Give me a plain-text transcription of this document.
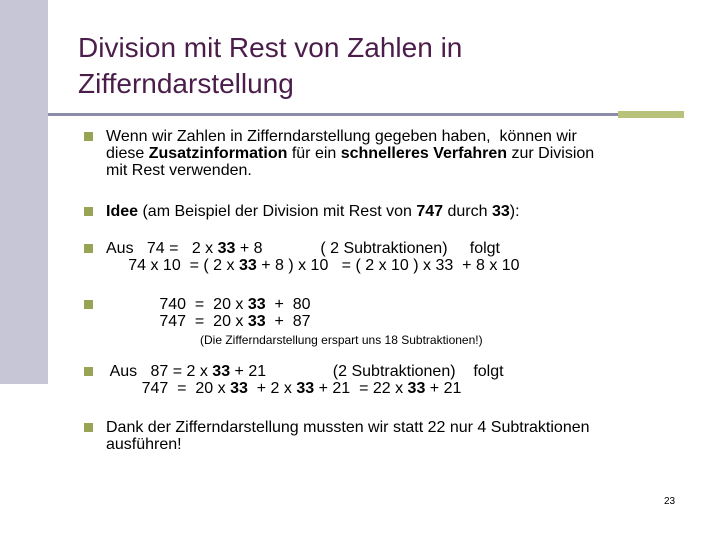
Division mit Rest von Zahlen in
Zifferndarstellung
Wenn wir Zahlen in Zifferndarstellung gegeben haben,  können wir
diese Zusatzinformation für ein schnelleres Verfahren zur Division
mit Rest verwenden.
Idee (am Beispiel der Division mit Rest von 747 durch 33):
Aus   74 =   2 x 33 + 8             ( 2 Subtraktionen)     folgt
74 x 10  = ( 2 x 33 + 8 ) x 10   = ( 2 x 10 ) x 33  + 8 x 10
740  =  20 x 33  +  80
747  =  20 x 33  +  87
(Die Zifferndarstellung erspart uns 18 Subtraktionen!)
Aus   87 = 2 x 33 + 21               (2 Subtraktionen)    folgt
747  =  20 x 33  + 2 x 33 + 21  = 22 x 33 + 21
Dank der Zifferndarstellung mussten wir statt 22 nur 4 Subtraktionen
ausführen!
23
